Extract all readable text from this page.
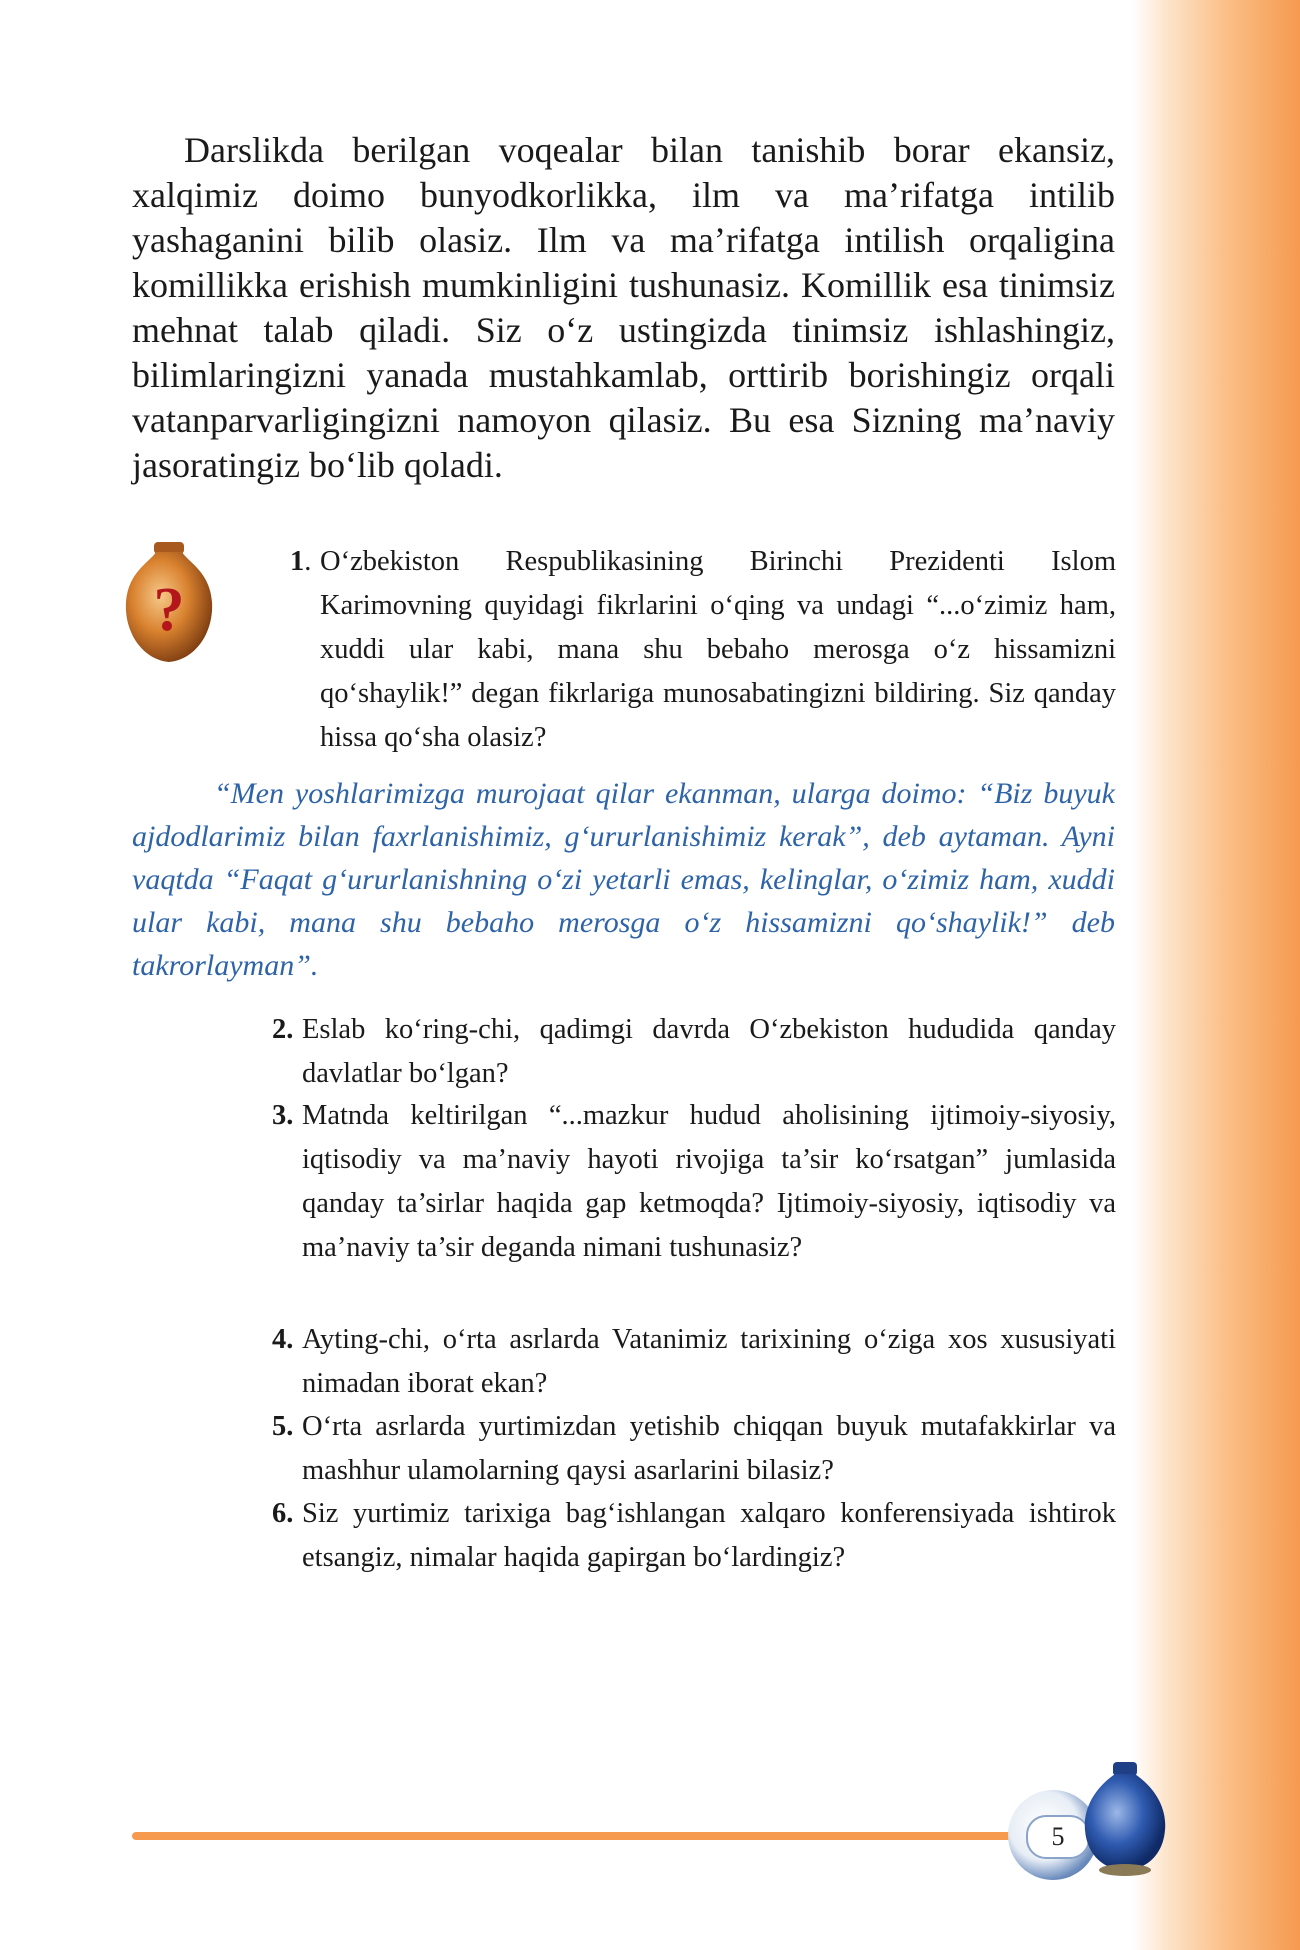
Darslikda berilgan voqealar bilan tanishib borar ekansiz, xalqimiz doimo bunyodkorlikka, ilm va ma’rifatga intilib yashaganini bilib olasiz. Ilm va ma’rifatga intilish orqaligina komillikka erishish mumkinligini tushunasiz. Komillik esa tinimsiz mehnat talab qiladi. Siz o‘z ustingizda tinimsiz ishlashingiz, bilimlaringizni yanada mustahkamlab, orttirib borishingiz orqali vatanparvarligingizni namoyon qilasiz. Bu esa Sizning ma’naviy jasoratingiz bo‘lib qoladi.

?

1. O‘zbekiston Respublikasining Birinchi Prezidenti Islom Karimovning quyidagi fikrlarini o‘qing va undagi “...o‘zimiz ham, xuddi ular kabi, mana shu bebaho merosga o‘z hissamizni qo‘shaylik!” degan fikrlariga munosabatingizni bildiring. Siz qanday hissa qo‘sha olasiz?

“Men yoshlarimizga murojaat qilar ekanman, ularga doimo: “Biz buyuk ajdodlarimiz bilan faxrlanishimiz, g‘ururlanishimiz kerak”, deb aytaman. Ayni vaqtda “Faqat g‘ururlanishning o‘zi yetarli emas, kelinglar, o‘zimiz ham, xuddi ular kabi, mana shu bebaho merosga o‘z hissamizni qo‘shaylik!” deb takrorlayman”.

2. Eslab ko‘ring-chi, qadimgi davrda O‘zbekiston hududida qanday davlatlar bo‘lgan?

3. Matnda keltirilgan “...mazkur hudud aholisining ijtimoiy-siyosiy, iqtisodiy va ma’naviy hayoti rivojiga ta’sir ko‘rsatgan” jumlasida qanday ta’sirlar haqida gap ketmoqda? Ijtimoiy-siyosiy, iqtisodiy va ma’naviy ta’sir deganda nimani tushunasiz?

4. Ayting-chi, o‘rta asrlarda Vatanimiz tarixining o‘ziga xos xususiyati nimadan iborat ekan?

5. O‘rta asrlarda yurtimizdan yetishib chiqqan buyuk mutafakkirlar va mashhur ulamolarning qaysi asarlarini bilasiz?

6. Siz yurtimiz tarixiga bag‘ishlangan xalqaro konferensiyada ishtirok etsangiz, nimalar haqida gapirgan bo‘lardingiz?

5
